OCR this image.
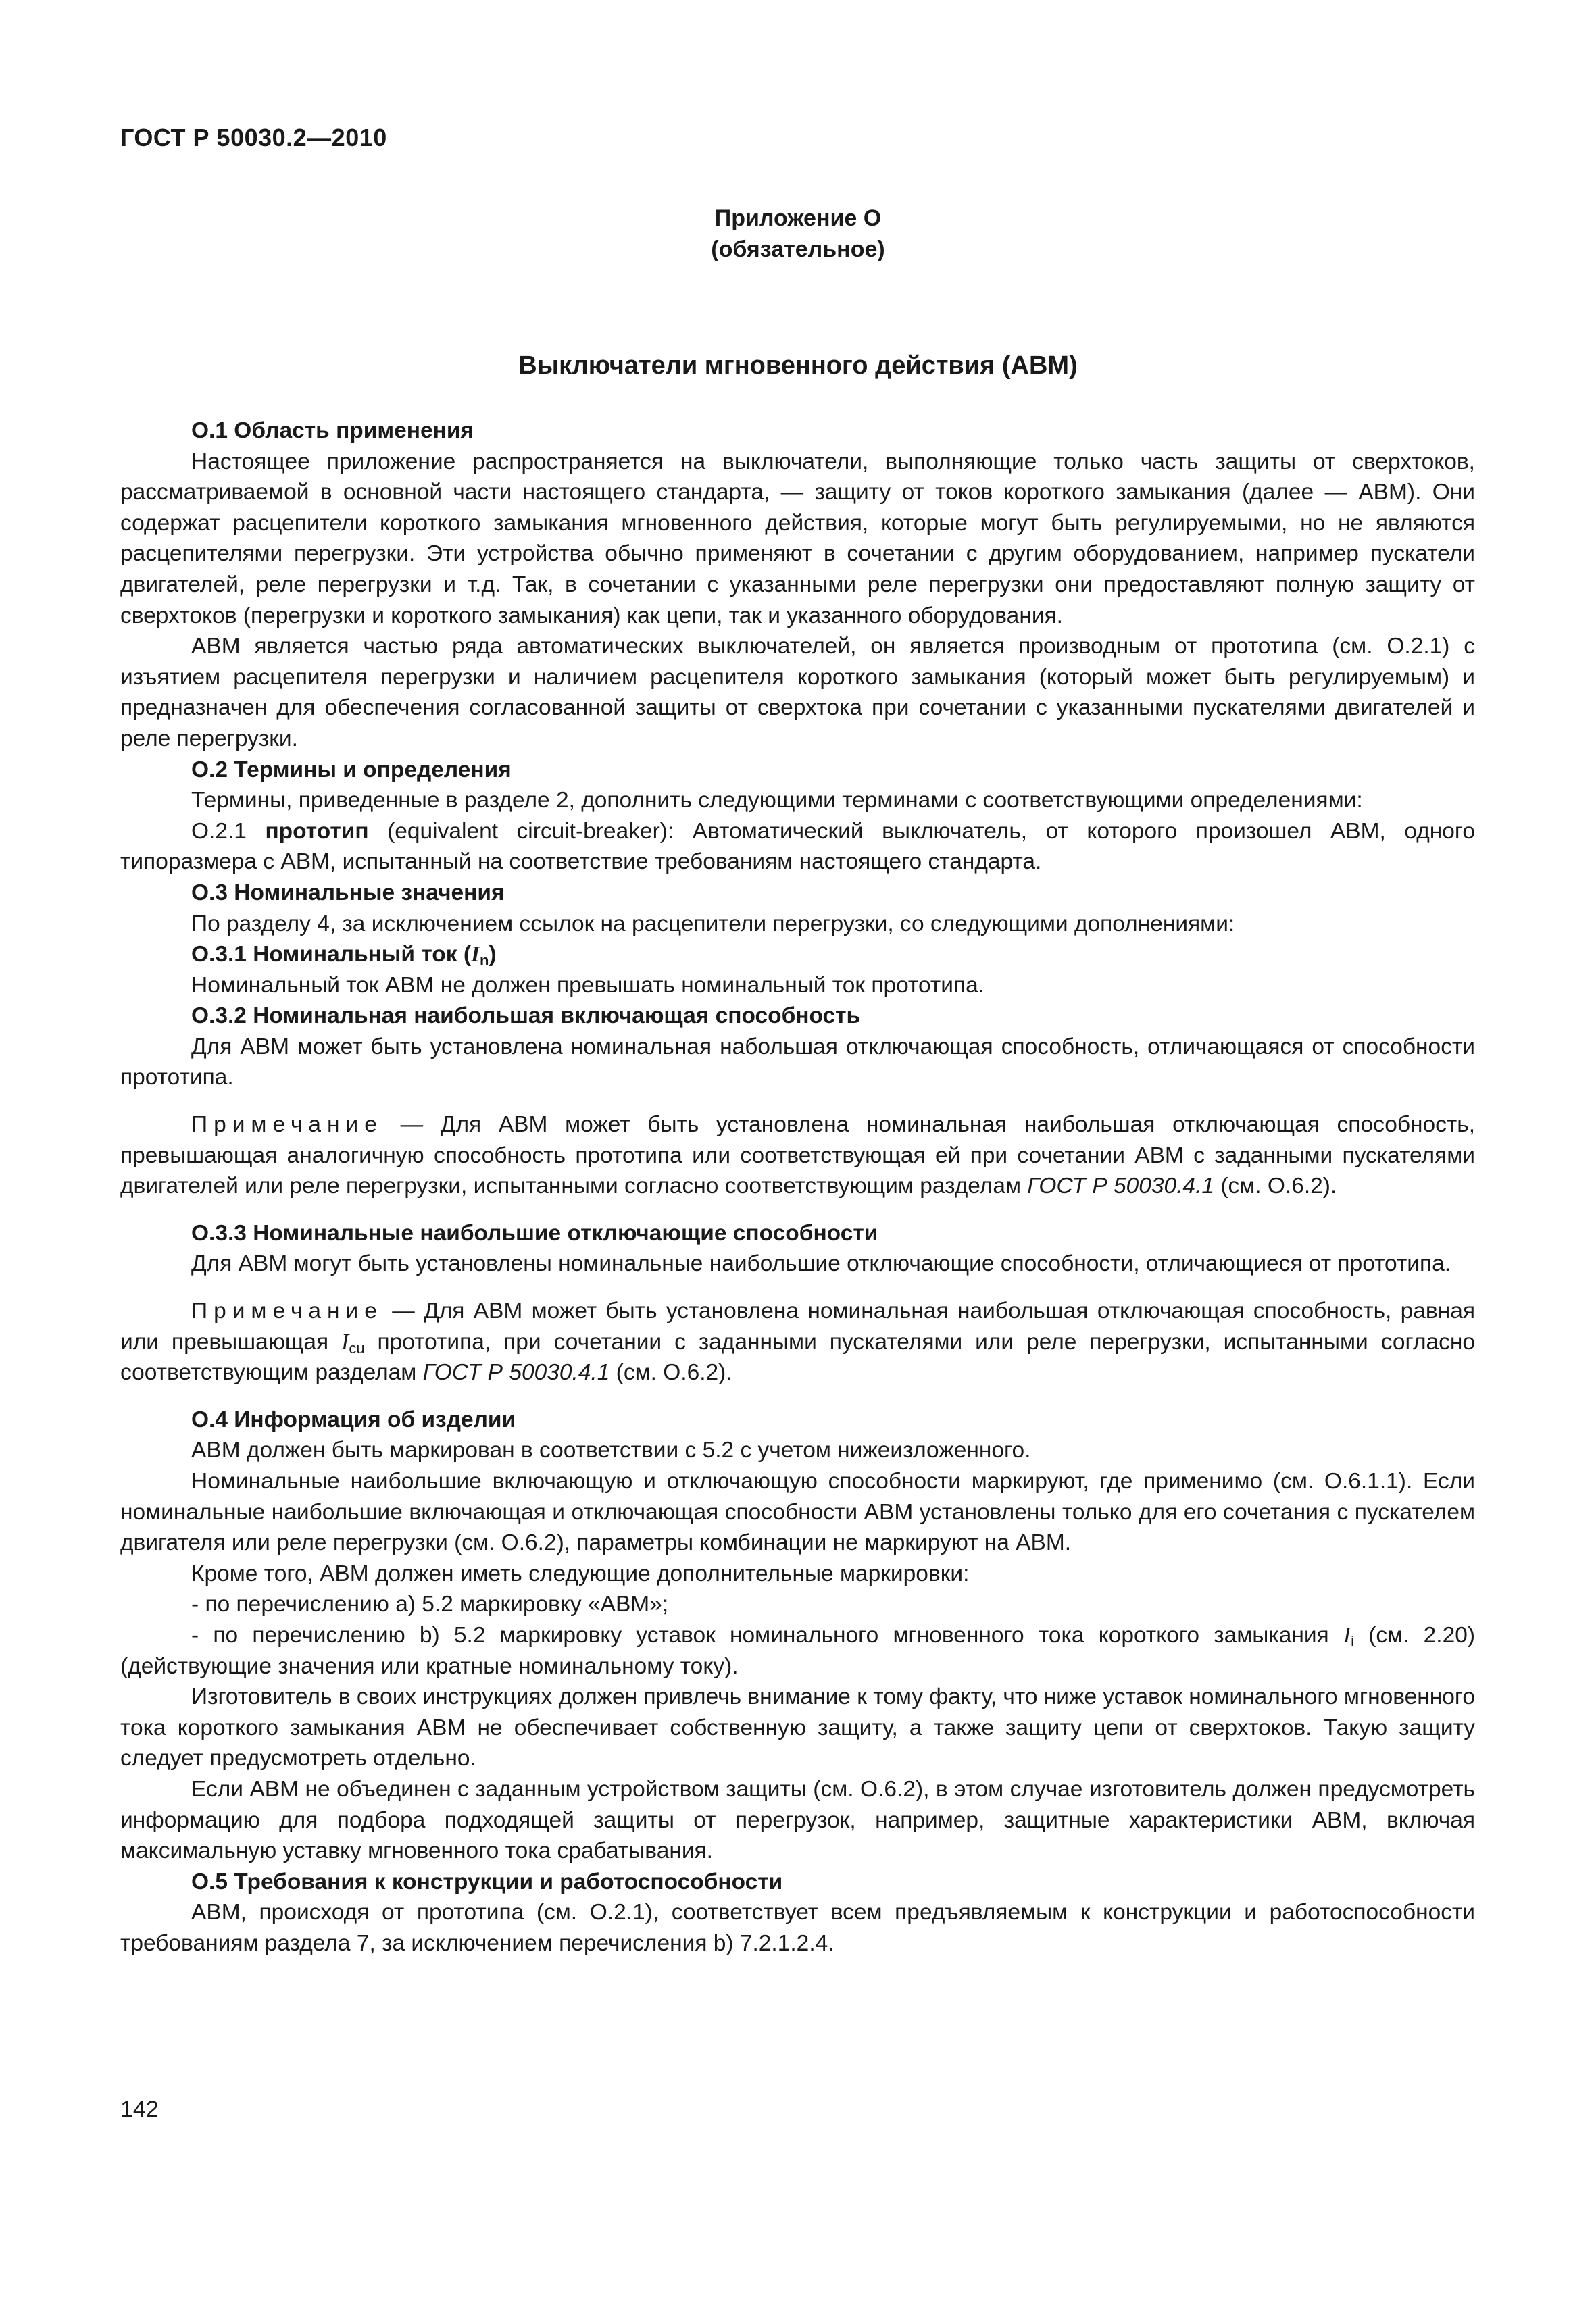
ГОСТ Р 50030.2—2010
Приложение О
(обязательное)
Выключатели мгновенного действия (АВМ)
О.1 Область применения

Настоящее приложение распространяется на выключатели, выполняющие только часть защиты от сверхтоков, рассматриваемой в основной части настоящего стандарта, — защиту от токов короткого замыкания (далее — АВМ). Они содержат расцепители короткого замыкания мгновенного действия, которые могут быть регулируемыми, но не являются расцепителями перегрузки. Эти устройства обычно применяют в сочетании с другим оборудованием, например пускатели двигателей, реле перегрузки и т.д. Так, в сочетании с указанными реле перегрузки они предоставляют полную защиту от сверхтоков (перегрузки и короткого замыкания) как цепи, так и указанного оборудования.

АВМ является частью ряда автоматических выключателей, он является производным от прототипа (см. О.2.1) с изъятием расцепителя перегрузки и наличием расцепителя короткого замыкания (который может быть регулируемым) и предназначен для обеспечения согласованной защиты от сверхтока при сочетании с указанными пускателями двигателей и реле перегрузки.

О.2 Термины и определения

Термины, приведенные в разделе 2, дополнить следующими терминами с соответствующими определениями:

О.2.1 прототип (equivalent circuit-breaker): Автоматический выключатель, от которого произошел АВМ, одного типоразмера с АВМ, испытанный на соответствие требованиям настоящего стандарта.

О.3 Номинальные значения

По разделу 4, за исключением ссылок на расцепители перегрузки, со следующими дополнениями:

О.3.1 Номинальный ток $(I_n)$

Номинальный ток АВМ не должен превышать номинальный ток прототипа.

О.3.2 Номинальная наибольшая включающая способность

Для АВМ может быть установлена номинальная набольшая отключающая способность, отличающаяся от способности прототипа.

Примечание — Для АВМ может быть установлена номинальная наибольшая отключающая способность, превышающая аналогичную способность прототипа или соответствующая ей при сочетании АВМ с заданными пускателями двигателей или реле перегрузки, испытанными согласно соответствующим разделам ГОСТ Р 50030.4.1 (см. О.6.2).

О.3.3 Номинальные наибольшие отключающие способности

Для АВМ могут быть установлены номинальные наибольшие отключающие способности, отличающиеся от прототипа.

Примечание — Для АВМ может быть установлена номинальная наибольшая отключающая способность, равная или превышающая $I_{cu}$ прототипа, при сочетании с заданными пускателями или реле перегрузки, испытанными согласно соответствующим разделам ГОСТ Р 50030.4.1 (см. О.6.2).

О.4 Информация об изделии

АВМ должен быть маркирован в соответствии с 5.2 с учетом нижеизложенного.

Номинальные наибольшие включающую и отключающую способности маркируют, где применимо (см. О.6.1.1). Если номинальные наибольшие включающая и отключающая способности АВМ установлены только для его сочетания с пускателем двигателя или реле перегрузки (см. О.6.2), параметры комбинации не маркируют на АВМ.

Кроме того, АВМ должен иметь следующие дополнительные маркировки:

- по перечислению а) 5.2 маркировку «АВМ»;

- по перечислению b) 5.2 маркировку уставок номинального мгновенного тока короткого замыкания $I_i$ (см. 2.20) (действующие значения или кратные номинальному току).

Изготовитель в своих инструкциях должен привлечь внимание к тому факту, что ниже уставок номинального мгновенного тока короткого замыкания АВМ не обеспечивает собственную защиту, а также защиту цепи от сверхтоков. Такую защиту следует предусмотреть отдельно.

Если АВМ не объединен с заданным устройством защиты (см. О.6.2), в этом случае изготовитель должен предусмотреть информацию для подбора подходящей защиты от перегрузок, например, защитные характеристики АВМ, включая максимальную уставку мгновенного тока срабатывания.

О.5 Требования к конструкции и работоспособности

АВМ, происходя от прототипа (см. О.2.1), соответствует всем предъявляемым к конструкции и работоспособности требованиям раздела 7, за исключением перечисления b) 7.2.1.2.4.

142
